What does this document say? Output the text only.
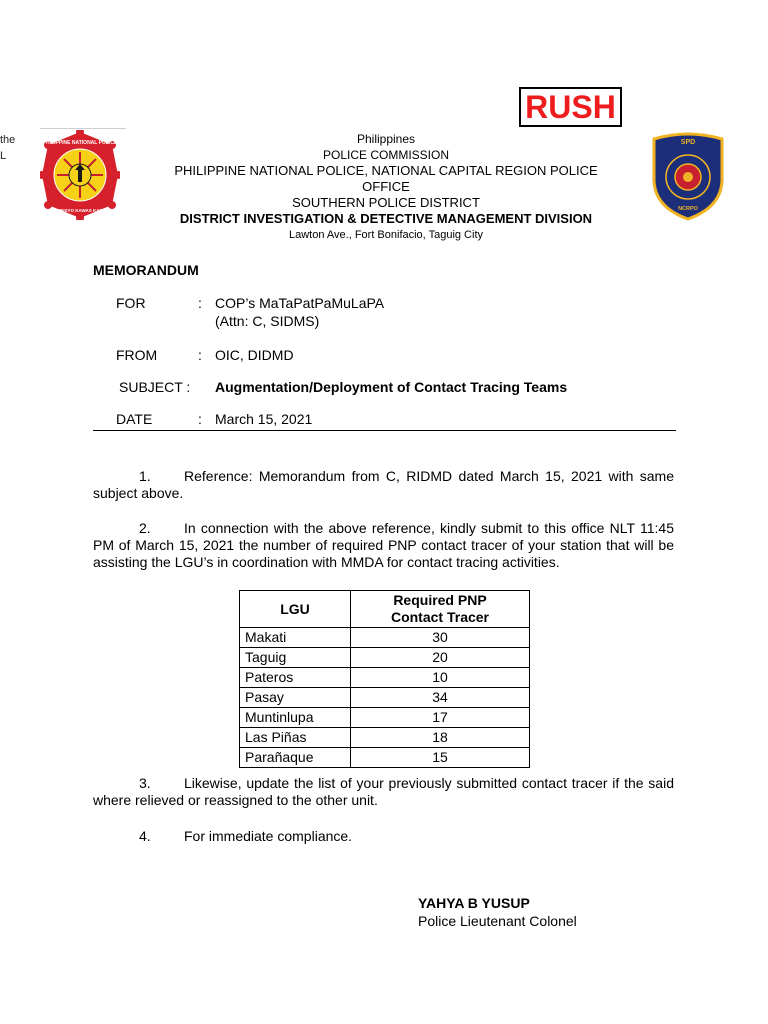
the
L
RUSH
PHILIPPINE NATIONAL POLICE
SERBISYO KAWAS KARAN
SPD
NCRPO
Philippines
POLICE COMMISSION
PHILIPPINE NATIONAL POLICE, NATIONAL CAPITAL REGION POLICE
OFFICE
SOUTHERN POLICE DISTRICT
DISTRICT INVESTIGATION & DETECTIVE MANAGEMENT DIVISION
Lawton Ave., Fort Bonifacio, Taguig City
MEMORANDUM
FOR	: COP’s MaTaPatPaMuLaPA
(Attn: C, SIDMS)
FROM	: OIC, DIDMD
SUBJECT : Augmentation/Deployment of Contact Tracing Teams
DATE	: March 15, 2021
1. Reference: Memorandum from C, RIDMD dated March 15, 2021 with same subject above.
2. In connection with the above reference, kindly submit to this office NLT 11:45 PM of March 15, 2021 the number of required PNP contact tracer of your station that will be assisting the LGU’s in coordination with MMDA for contact tracing activities.
LGU	Required PNP
Contact Tracer
Makati	30
Taguig	20
Pateros	10
Pasay	34
Muntinlupa	17
Las Piñas	18
Parañaque	15
3. Likewise, update the list of your previously submitted contact tracer if the said where relieved or reassigned to the other unit.
4. For immediate compliance.
YAHYA B YUSUP
Police Lieutenant Colonel
